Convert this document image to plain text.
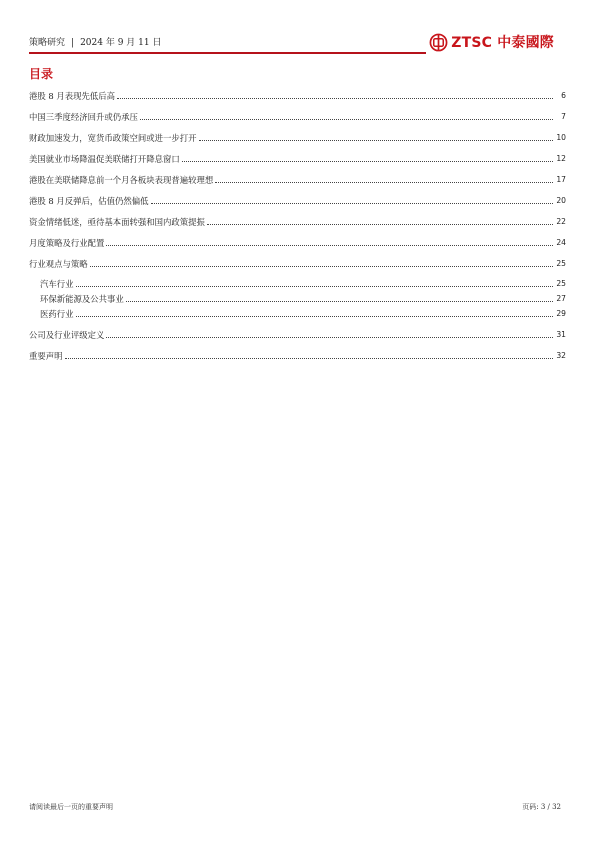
策略研究 | 2024 年 9 月 11 日	ZTSC 中泰國際
目录
港股 8 月表现先低后高	6
中国三季度经济回升或仍承压	7
财政加速发力，宽货币政策空间或进一步打开	10
美国就业市场降温促美联储打开降息窗口	12
港股在美联储降息前一个月各板块表现普遍较理想	17
港股 8 月反弹后，估值仍然偏低	20
资金情绪低迷，亟待基本面转强和国内政策提振	22
月度策略及行业配置	24
行业观点与策略	25
汽车行业	25
环保新能源及公共事业	27
医药行业	29
公司及行业评级定义	31
重要声明	32
请阅读最后一页的重要声明	页码: 3 / 32
